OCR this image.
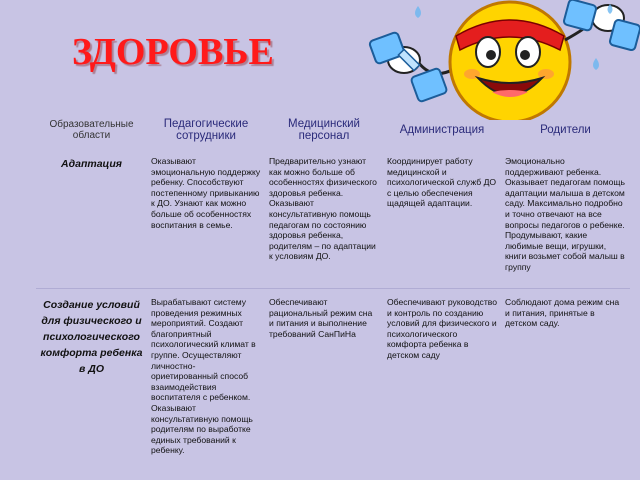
ЗДОРОВЬЕ
Образовательные области	Педагогические сотрудники	Медицинский персонал	Администрация	Родители
Адаптация	Оказывают эмоциональную поддержку ребенку. Способствуют постепенному привыканию к ДО. Узнают как можно больше об особенностях воспитания в семье.	Предварительно узнают как можно больше об особенностях физического здоровья ребенка. Оказывают консультативную помощь педагогам по состоянию здоровья ребенка, родителям – по адаптации к условиям ДО.	Координирует работу медицинской и психологической служб ДО с целью обеспечения щадящей адаптации.	Эмоционально поддерживают ребенка. Оказывает педагогам помощь адаптации малыша в детском саду. Максимально подробно и точно отвечают на все вопросы педагогов о ребенке. Продумывают, какие любимые вещи, игрушки, книги возьмет собой малыш в группу
Создание условий для физического и психологического комфорта ребенка в ДО	Вырабатывают систему проведения режимных мероприятий. Создают благоприятный психологический климат в группе. Осуществляют личностно-ориетированный способ взаимодействия воспитателя с ребенком. Оказывают консультативную помощь родителям по выработке единых требований к ребенку.	Обеспечивают рациональный режим сна и питания и выполнение требований СанПиНа	Обеспечивают руководство и контроль по созданию условий для физического и психологического комфорта ребенка в детском саду	Соблюдают дома режим сна и питания, принятые в детском саду.
